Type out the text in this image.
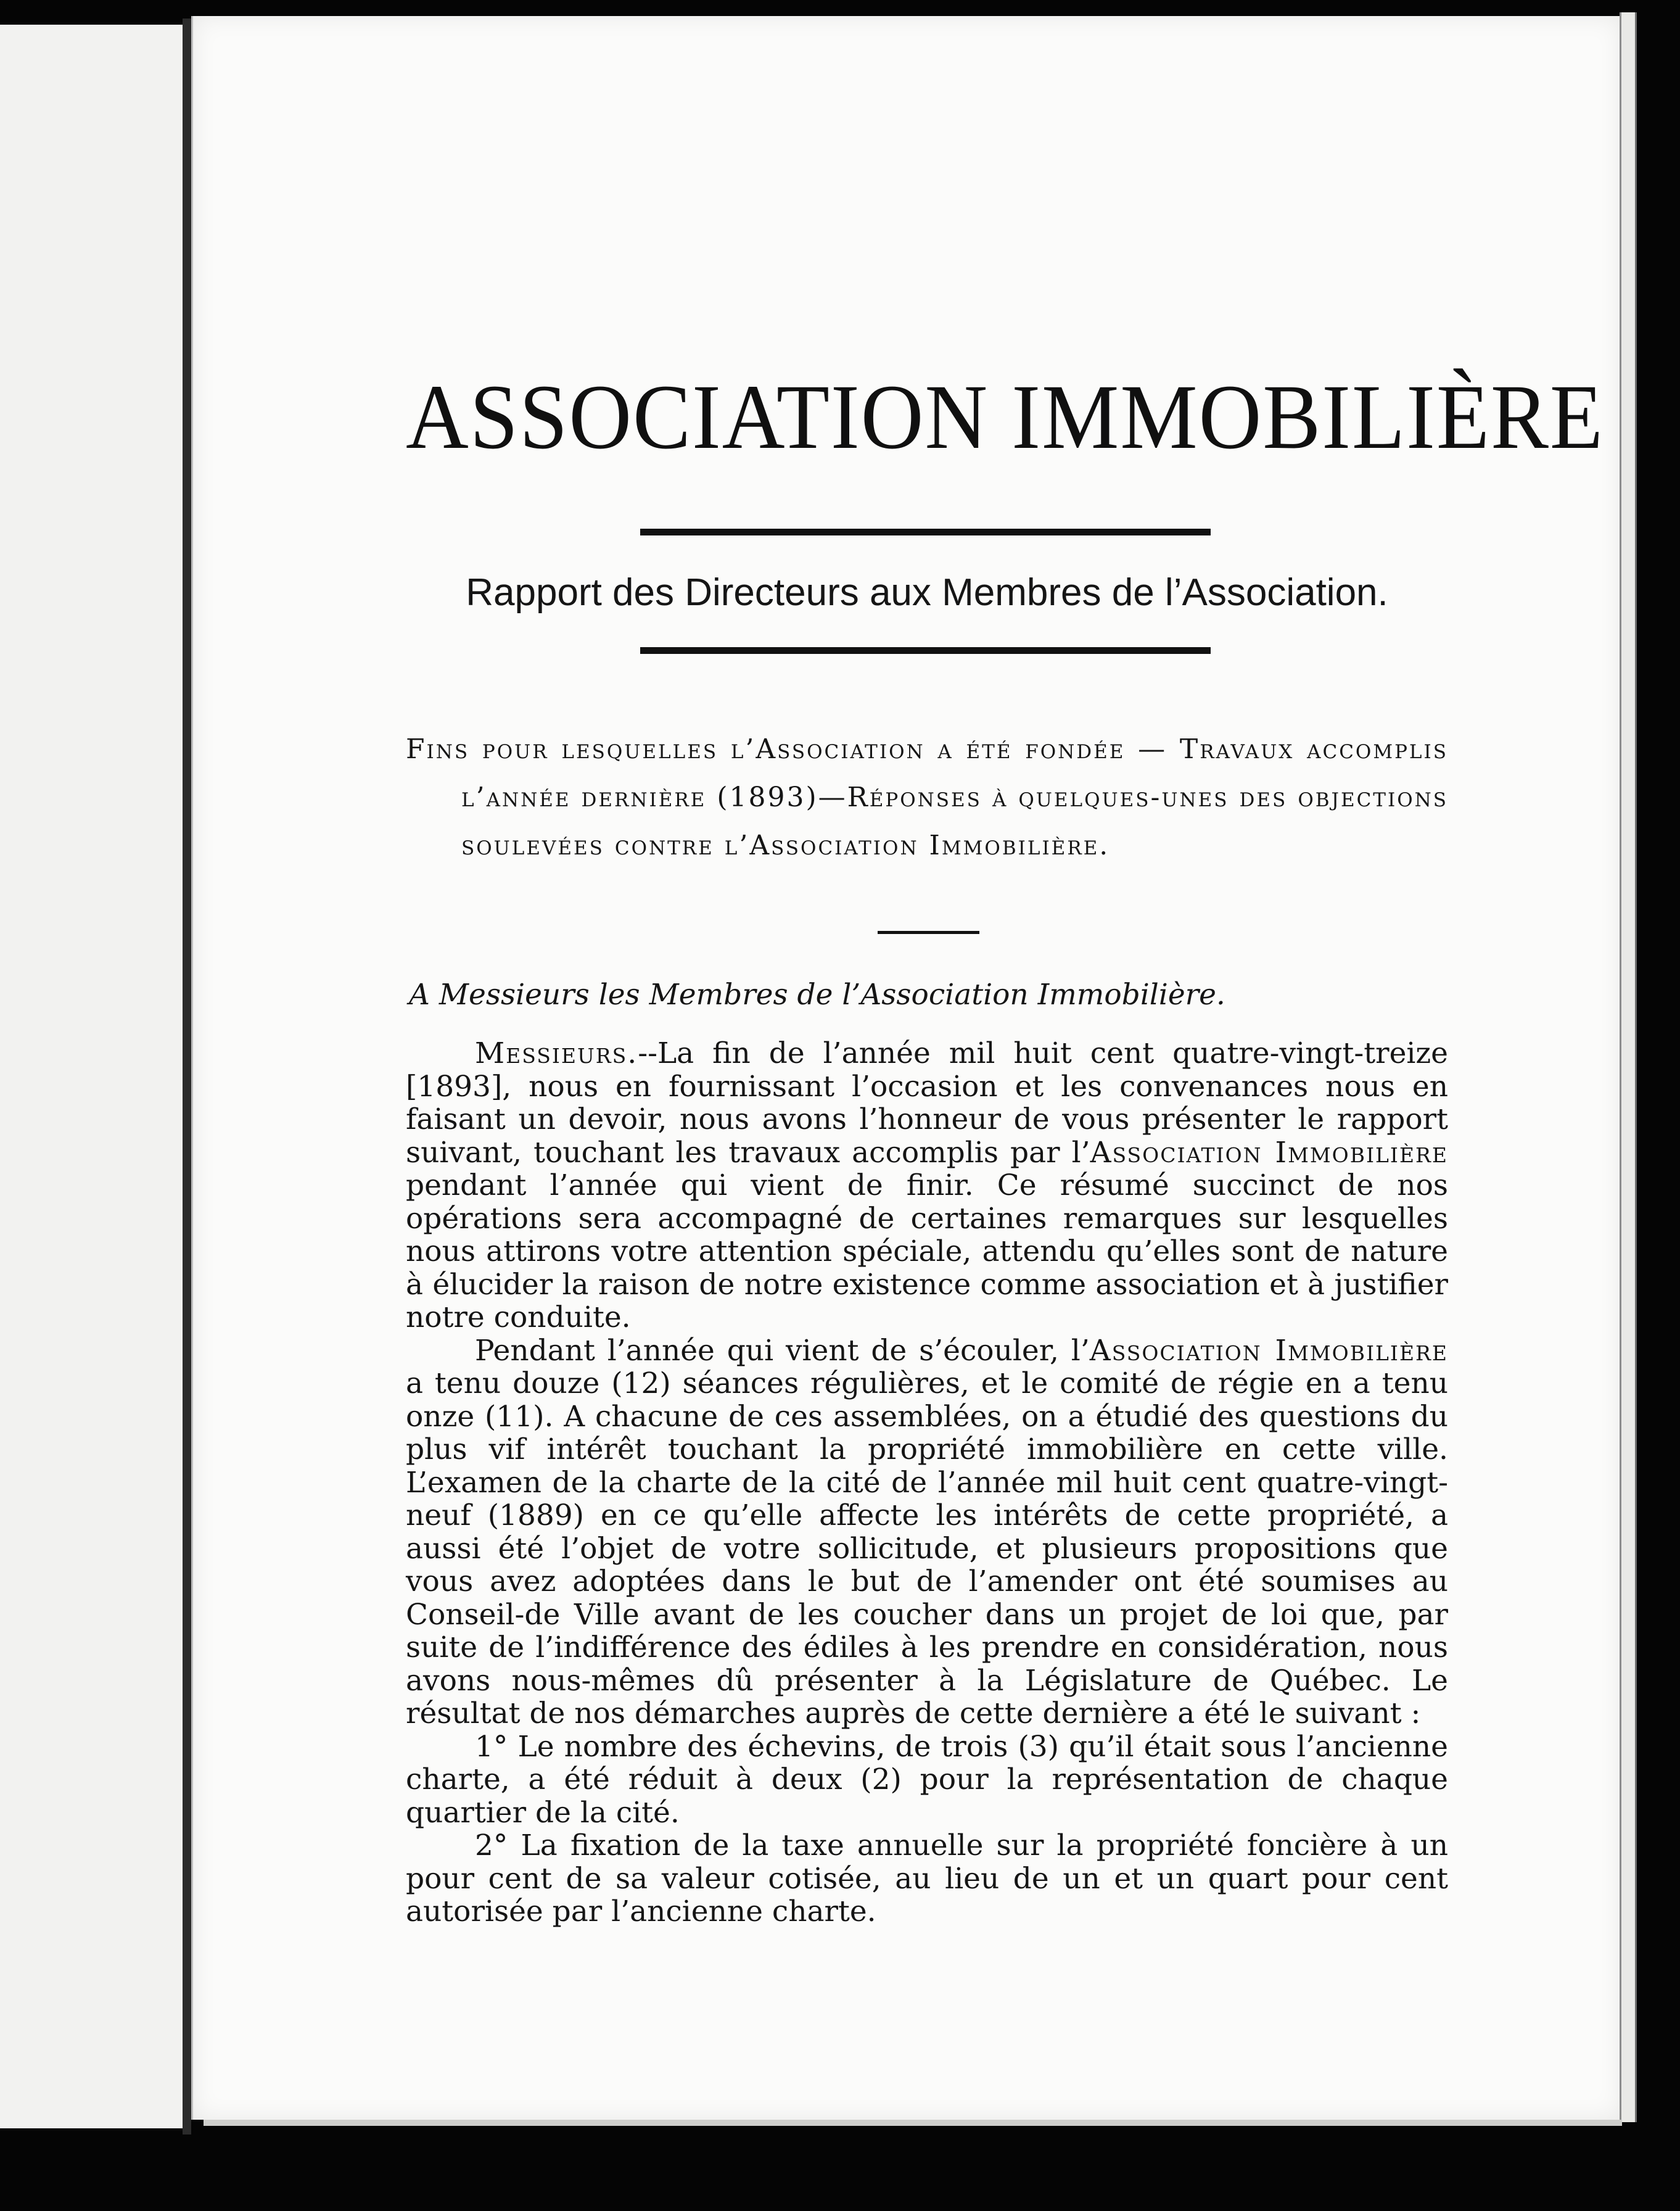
ASSOCIATION IMMOBILIÈRE
Rapport des Directeurs aux Membres de l’Association.
Fins pour lesquelles l’Association a été fondée — Travaux accomplis l’année dernière (1893)—Réponses à quelques-unes des objections soulevées contre l’Association Immobilière.
A Messieurs les Membres de l’Association Immobilière.

Messieurs.--La fin de l’année mil huit cent quatre-vingt-treize [1893], nous en fournissant l’occasion et les convenances nous en faisant un devoir, nous avons l’honneur de vous présenter le rapport suivant, touchant les travaux accomplis par l’Association Immobilière pendant l’année qui vient de finir. Ce résumé succinct de nos opérations sera accompagné de certaines remarques sur lesquelles nous attirons votre attention spéciale, attendu qu’elles sont de nature à élucider la raison de notre existence comme association et à justifier notre conduite.

Pendant l’année qui vient de s’écouler, l’Association Immobilière a tenu douze (12) séances régulières, et le comité de régie en a tenu onze (11). A chacune de ces assemblées, on a étudié des questions du plus vif intérêt touchant la propriété immobilière en cette ville. L’examen de la charte de la cité de l’année mil huit cent quatre-vingt-neuf (1889) en ce qu’elle affecte les intérêts de cette propriété, a aussi été l’objet de votre sollicitude, et plusieurs propositions que vous avez adoptées dans le but de l’amender ont été soumises au Conseil-de Ville avant de les coucher dans un projet de loi que, par suite de l’indifférence des édiles à les prendre en considération, nous avons nous-mêmes dû présenter à la Législature de Québec. Le résultat de nos démarches auprès de cette dernière a été le suivant :

1° Le nombre des échevins, de trois (3) qu’il était sous l’ancienne charte, a été réduit à deux (2) pour la représentation de chaque quartier de la cité.

2° La fixation de la taxe annuelle sur la propriété foncière à un pour cent de sa valeur cotisée, au lieu de un et un quart pour cent autorisée par l’ancienne charte.
